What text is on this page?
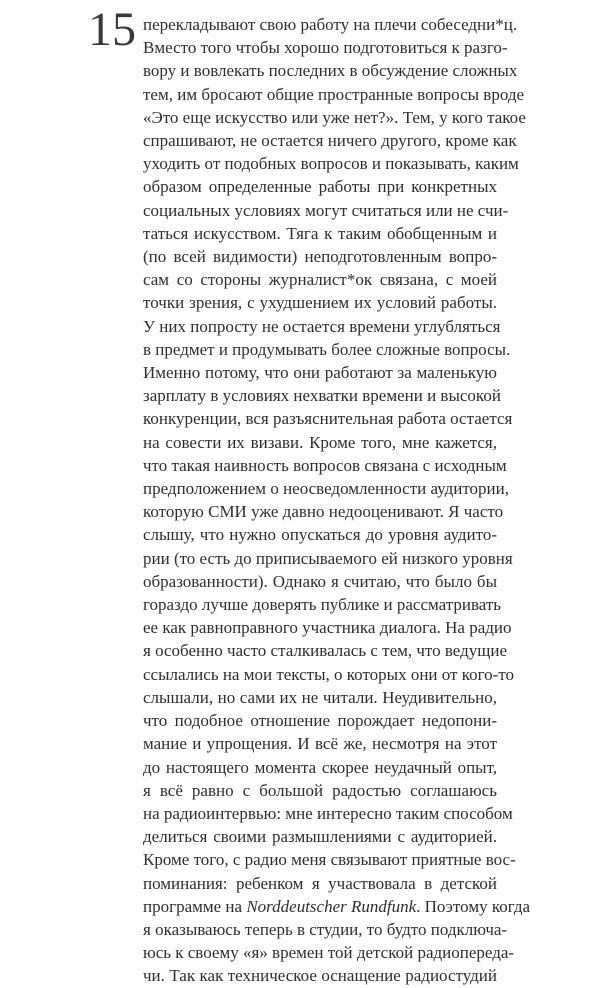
15 перекладывают свою работу на плечи собеседни*ц.
Вместо того чтобы хорошо подготовиться к разго-
вору и вовлекать последних в обсуждение сложных
тем, им бросают общие пространные вопросы вроде
«Это еще искусство или уже нет?». Тем, у кого такое
спрашивают, не остается ничего другого, кроме как
уходить от подобных вопросов и показывать, каким
образом определенные работы при конкретных
социальных условиях могут считаться или не счи-
таться искусством. Тяга к таким обобщенным и
(по всей видимости) неподготовленным вопро-
сам со стороны журналист*ок связана, с моей
точки зрения, с ухудшением их условий работы.
У них попросту не остается времени углубляться
в предмет и продумывать более сложные вопросы.
Именно потому, что они работают за маленькую
зарплату в условиях нехватки времени и высокой
конкуренции, вся разъяснительная работа остается
на совести их визави. Кроме того, мне кажется,
что такая наивность вопросов связана с исходным
предположением о неосведомленности аудитории,
которую СМИ уже давно недооценивают. Я часто
слышу, что нужно опускаться до уровня аудито-
рии (то есть до приписываемого ей низкого уровня
образованности). Однако я считаю, что было бы
гораздо лучше доверять публике и рассматривать
ее как равноправного участника диалога. На радио
я особенно часто сталкивалась с тем, что ведущие
ссылались на мои тексты, о которых они от кого-то
слышали, но сами их не читали. Неудивительно,
что подобное отношение порождает недопони-
мание и упрощения. И всё же, несмотря на этот
до настоящего момента скорее неудачный опыт,
я всё равно с большой радостью соглашаюсь
на радиоинтервью: мне интересно таким способом
делиться своими размышлениями с аудиторией.
Кроме того, с радио меня связывают приятные вос-
поминания: ребенком я участвовала в детской
программе на Norddeutscher Rundfunk. Поэтому когда
я оказываюсь теперь в студии, то будто подключа-
юсь к своему «я» времен той детской радиопереда-
чи. Так как техническое оснащение радиостудий
